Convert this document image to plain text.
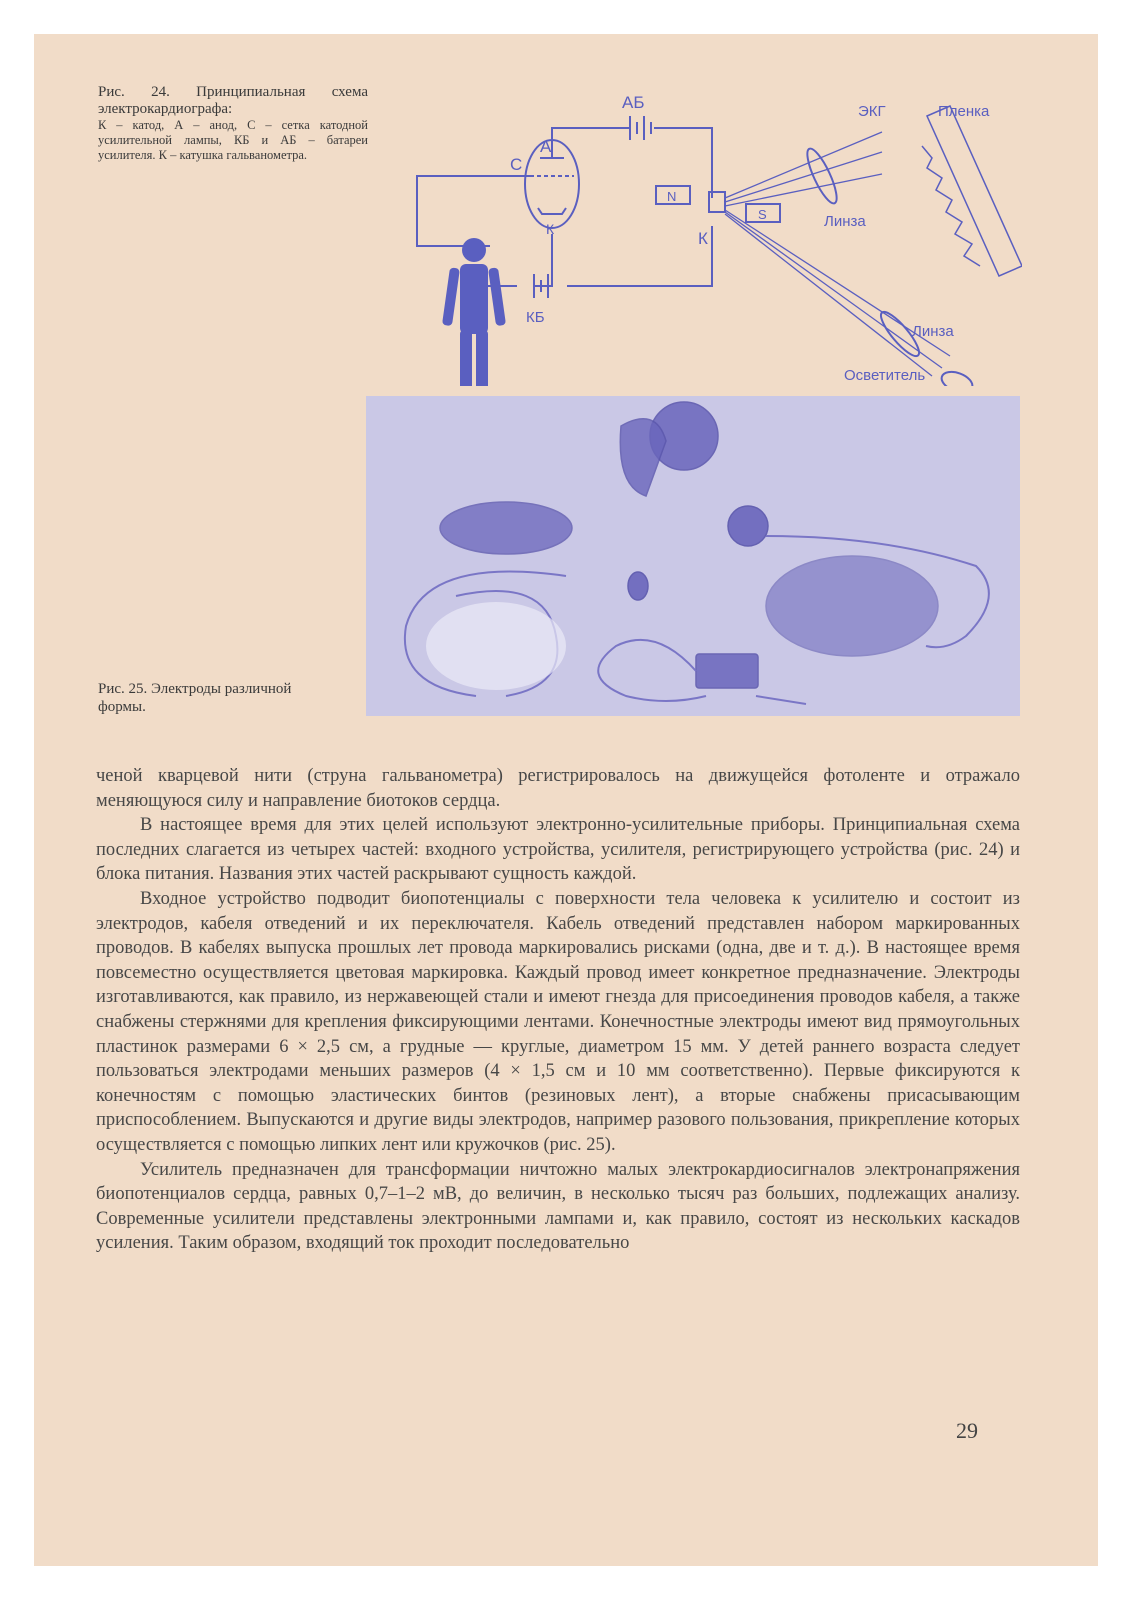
Рис. 24. Принципиальная схема электрокардиографа:
К – катод, А – анод, С – сетка катодной усилительной лампы, КБ и АБ – батареи усилителя. К – катушка гальванометра.
АБ
А
С
К
КБ
К
N
S
ЭКГ	Пленка
Линза
Линза
Осветитель
Рис. 25. Электроды различной формы.

ченой кварцевой нити (струна гальванометра) регистрировалось на движущейся фотоленте и отражало меняющуюся силу и направление биотоков сердца.

В настоящее время для этих целей используют электронно-усилительные приборы. Принципиальная схема последних слагается из четырех частей: входного устройства, усилителя, регистрирующего устройства (рис. 24) и блока питания. Названия этих частей раскрывают сущность каждой.

Входное устройство подводит биопотенциалы с поверхности тела человека к усилителю и состоит из электродов, кабеля отведений и их переключателя. Кабель отведений представлен набором маркированных проводов. В кабелях выпуска прошлых лет провода маркировались рисками (одна, две и т. д.). В настоящее время повсеместно осуществляется цветовая маркировка. Каждый провод имеет конкретное предназначение. Электроды изготавливаются, как правило, из нержавеющей стали и имеют гнезда для присоединения проводов кабеля, а также снабжены стержнями для крепления фиксирующими лентами. Конечностные электроды имеют вид прямоугольных пластинок размерами 6 × 2,5 см, а грудные — круглые, диаметром 15 мм. У детей раннего возраста следует пользоваться электродами меньших размеров (4 × 1,5 см и 10 мм соответственно). Первые фиксируются к конечностям с помощью эластических бинтов (резиновых лент), а вторые снабжены присасывающим приспособлением. Выпускаются и другие виды электродов, например разового пользования, прикрепление которых осуществляется с помощью липких лент или кружочков (рис. 25).

Усилитель предназначен для трансформации ничтожно малых электрокардиосигналов электронапряжения биопотенциалов сердца, равных 0,7–1–2 мВ, до величин, в несколько тысяч раз больших, подлежащих анализу. Современные усилители представлены электронными лампами и, как правило, состоят из нескольких каскадов усиления. Таким образом, входящий ток проходит последовательно

29
